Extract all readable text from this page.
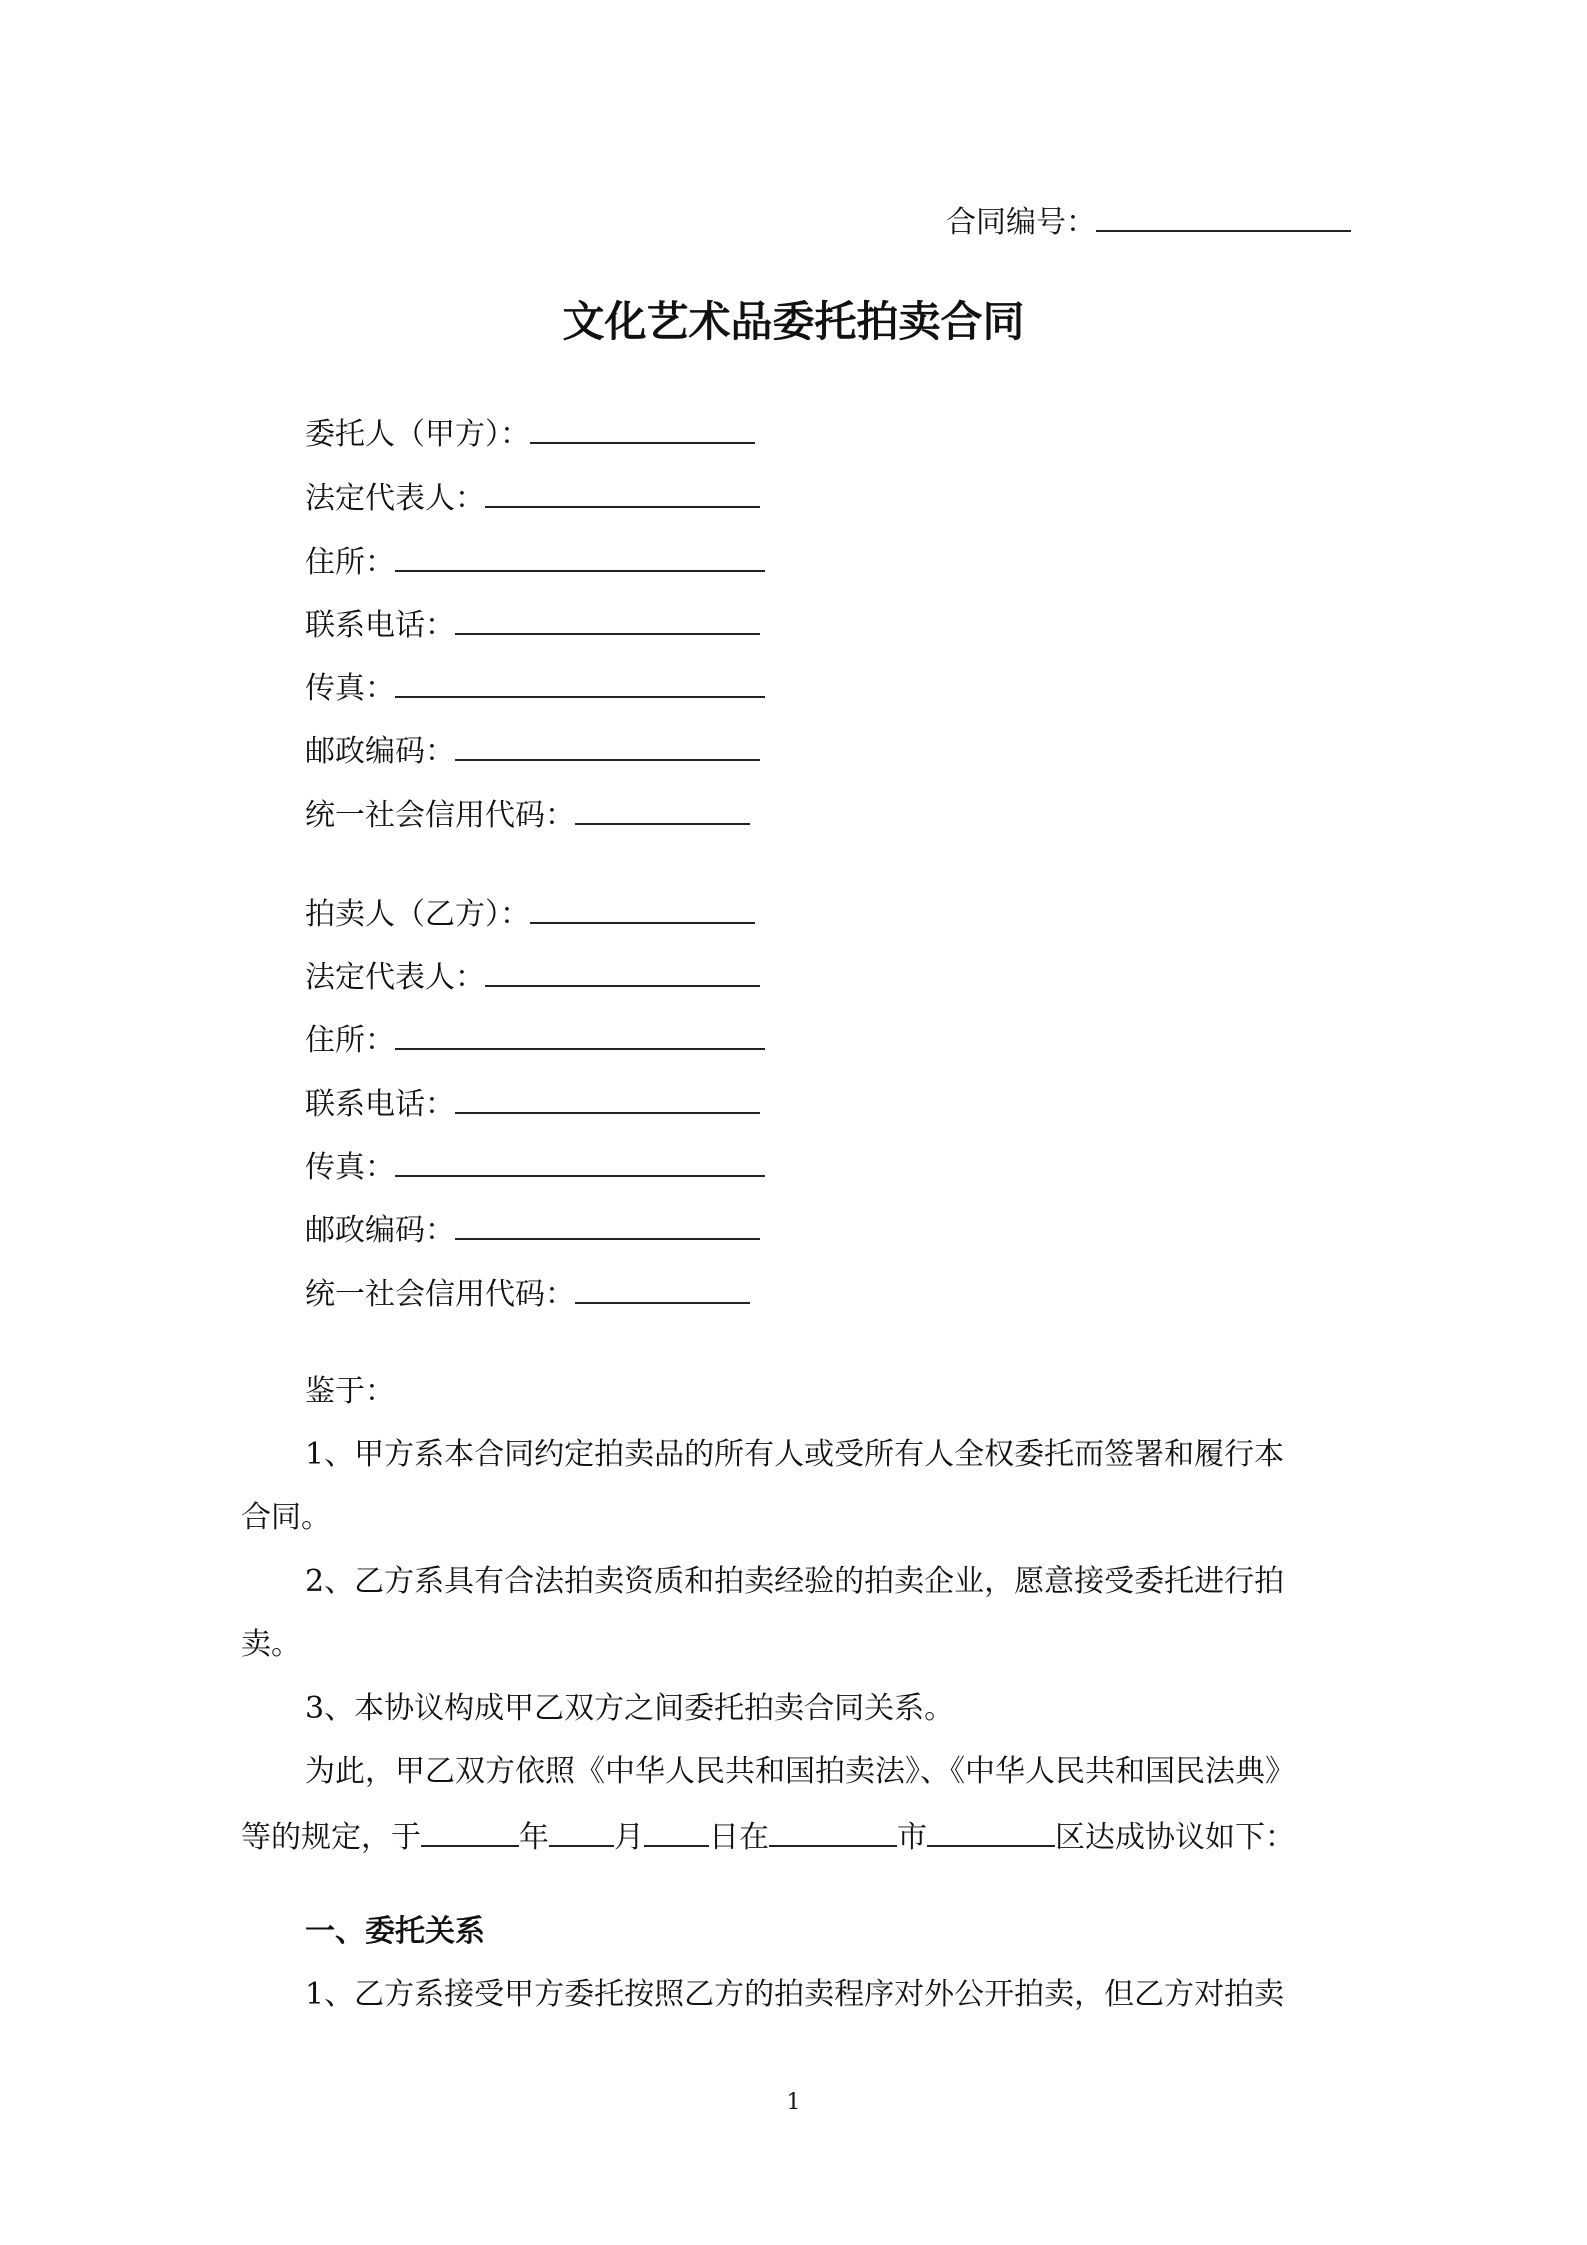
合同编号：
文化艺术品委托拍卖合同
委托人（甲方）：
法定代表人：
住所：
联系电话：
传真：
邮政编码：
统一社会信用代码：
拍卖人（乙方）：
法定代表人：
住所：
联系电话：
传真：
邮政编码：
统一社会信用代码：
鉴于：
1、甲方系本合同约定拍卖品的所有人或受所有人全权委托而签署和履行本
合同。
2、乙方系具有合法拍卖资质和拍卖经验的拍卖企业，愿意接受委托进行拍
卖。
3、本协议构成甲乙双方之间委托拍卖合同关系。
为此，甲乙双方依照《中华人民共和国拍卖法》、《中华人民共和国民法典》
等的规定，于	年 月 日在	市	区达成协议如下：
一、委托关系
1、乙方系接受甲方委托按照乙方的拍卖程序对外公开拍卖，但乙方对拍卖
1
